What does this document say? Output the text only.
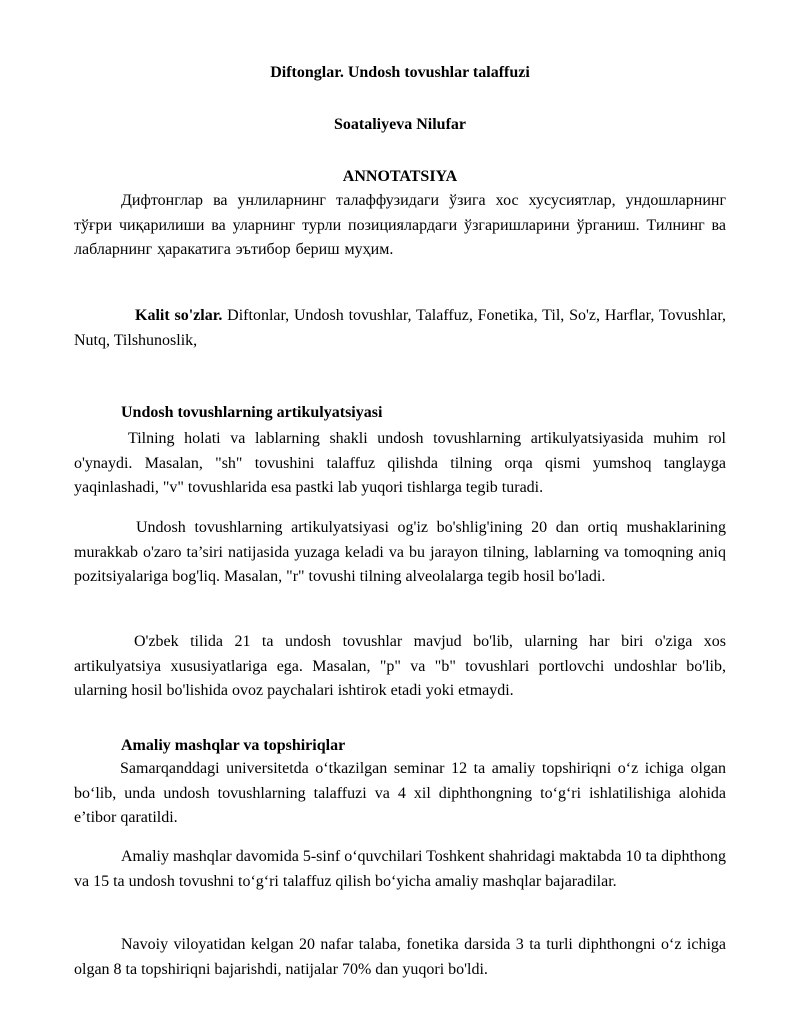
Diftonglar. Undosh tovushlar talaffuzi
Soataliyeva Nilufar
ANNOTATSIYA

Дифтонглар ва унлиларнинг талаффузидаги ўзига хос хусусиятлар, ундошларнинг тўғри чиқарилиши ва уларнинг турли позициялардаги ўзгаришларини ўрганиш. Тилнинг ва лабларнинг ҳаракатига эътибор бериш муҳим.

Kalit so'zlar. Diftonlar, Undosh tovushlar, Talaffuz, Fonetika, Til, So'z, Harflar, Tovushlar, Nutq, Tilshunoslik,

Undosh tovushlarning artikulyatsiyasi

Tilning holati va lablarning shakli undosh tovushlarning artikulyatsiyasida muhim rol o'ynaydi. Masalan, "sh" tovushini talaffuz qilishda tilning orqa qismi yumshoq tanglayga yaqinlashadi, "v" tovushlarida esa pastki lab yuqori tishlarga tegib turadi.

Undosh tovushlarning artikulyatsiyasi og'iz bo'shlig'ining 20 dan ortiq mushaklarining murakkab o'zaro ta’siri natijasida yuzaga keladi va bu jarayon tilning, lablarning va tomoqning aniq pozitsiyalariga bog'liq. Masalan, "r" tovushi tilning alveolalarga tegib hosil bo'ladi.

O'zbek tilida 21 ta undosh tovushlar mavjud bo'lib, ularning har biri o'ziga xos artikulyatsiya xususiyatlariga ega. Masalan, "p" va "b" tovushlari portlovchi undoshlar bo'lib, ularning hosil bo'lishida ovoz paychalari ishtirok etadi yoki etmaydi.

Amaliy mashqlar va topshiriqlar

Samarqanddagi universitetda o‘tkazilgan seminar 12 ta amaliy topshiriqni o‘z ichiga olgan bo‘lib, unda undosh tovushlarning talaffuzi va 4 xil diphthongning to‘g‘ri ishlatilishiga alohida e’tibor qaratildi.

Amaliy mashqlar davomida 5-sinf o‘quvchilari Toshkent shahridagi maktabda 10 ta diphthong va 15 ta undosh tovushni to‘g‘ri talaffuz qilish bo‘yicha amaliy mashqlar bajaradilar.

Navoiy viloyatidan kelgan 20 nafar talaba, fonetika darsida 3 ta turli diphthongni o‘z ichiga olgan 8 ta topshiriqni bajarishdi, natijalar 70% dan yuqori bo'ldi.
